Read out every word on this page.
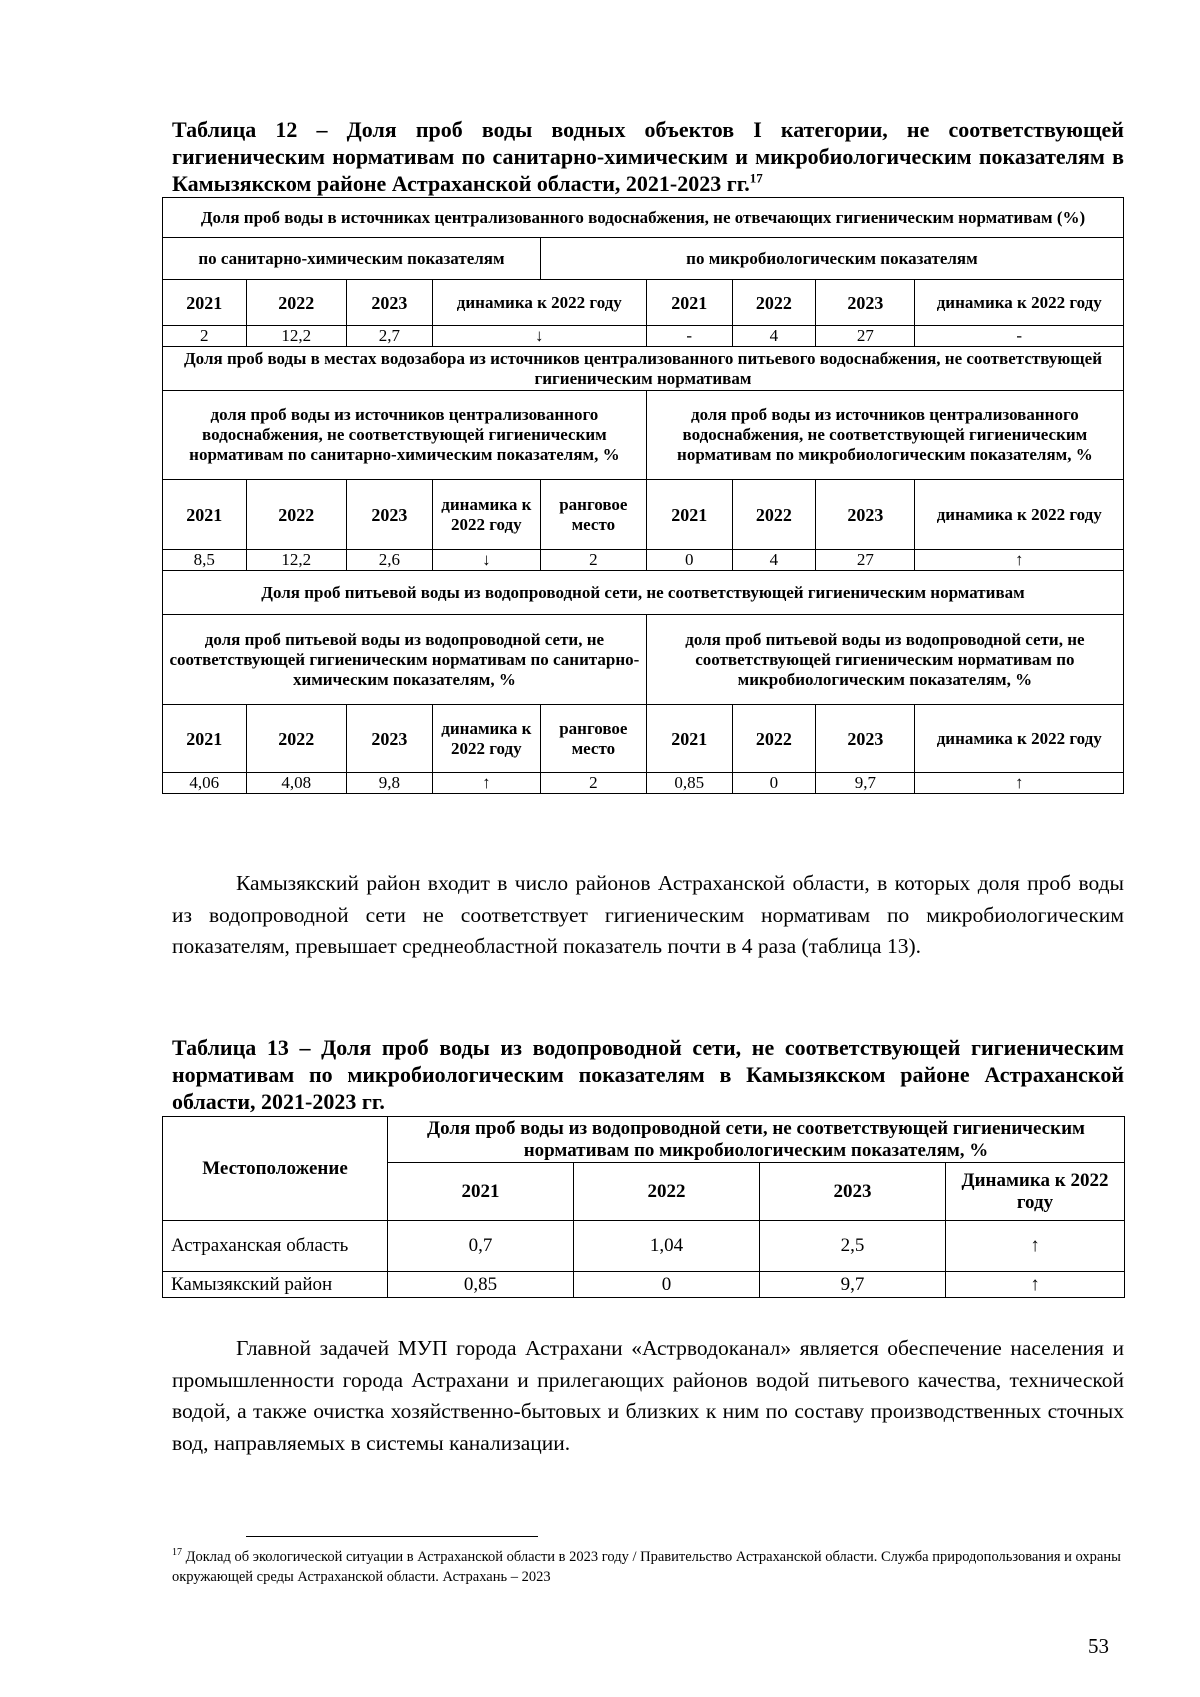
Таблица 12 – Доля проб воды водных объектов I категории, не соответствующей гигиеническим нормативам по санитарно-химическим и микробиологическим показателям в Камызякском районе Астраханской области, 2021-2023 гг.$^{17}$
Доля проб воды в источниках централизованного водоснабжения, не отвечающих гигиеническим нормативам (%)								
по санитарно-химическим показателям				по микробиологическим показателям				
2021	2022	2023	динамика к 2022 году		2021	2022	2023	динамика к 2022 году
2	12,2	2,7	↓		-	4	27	-
Доля проб воды в местах водозабора из источников централизованного питьевого водоснабжения, не соответствующей гигиеническим нормативам								
доля проб воды из источников централизованного водоснабжения, не соответствующей гигиеническим нормативам по санитарно-химическим показателям, %					доля проб воды из источников централизованного водоснабжения, не соответствующей гигиеническим нормативам по микробиологическим показателям, %			
2021	2022	2023	динамика к 2022 году	ранговое место	2021	2022	2023	динамика к 2022 году
8,5	12,2	2,6	↓	2	0	4	27	↑
Доля проб питьевой воды из водопроводной сети, не соответствующей гигиеническим нормативам								
доля проб питьевой воды из водопроводной сети, не соответствующей гигиеническим нормативам по санитарно-химическим показателям, %					доля проб питьевой воды из водопроводной сети, не соответствующей гигиеническим нормативам по микробиологическим показателям, %			
2021	2022	2023	динамика к 2022 году	ранговое место	2021	2022	2023	динамика к 2022 году
4,06	4,08	9,8	↑	2	0,85	0	9,7	↑
Камызякский район входит в число районов Астраханской области, в которых доля проб воды из водопроводной сети не соответствует гигиеническим нормативам по микробиологическим показателям, превышает среднеобластной показатель почти в 4 раза (таблица 13).
Таблица 13 – Доля проб воды из водопроводной сети, не соответствующей гигиеническим нормативам по микробиологическим показателям в Камызякском районе Астраханской области, 2021-2023 гг.
Местоположение	Доля проб воды из водопроводной сети, не соответствующей гигиеническим нормативам по микробиологическим показателям, %			
	2021	2022	2023	Динамика к 2022 году
Астраханская область	0,7	1,04	2,5	↑
Камызякский район	0,85	0	9,7	↑
Главной задачей МУП города Астрахани «Астрводоканал» является обеспечение населения и промышленности города Астрахани и прилегающих районов водой питьевого качества, технической водой, а также очистка хозяйственно-бытовых и близких к ним по составу производственных сточных вод, направляемых в системы канализации.
$^{17}$ Доклад об экологической ситуации в Астраханской области в 2023 году / Правительство Астраханской области. Служба природопользования и охраны окружающей среды Астраханской области. Астрахань – 2023
53
